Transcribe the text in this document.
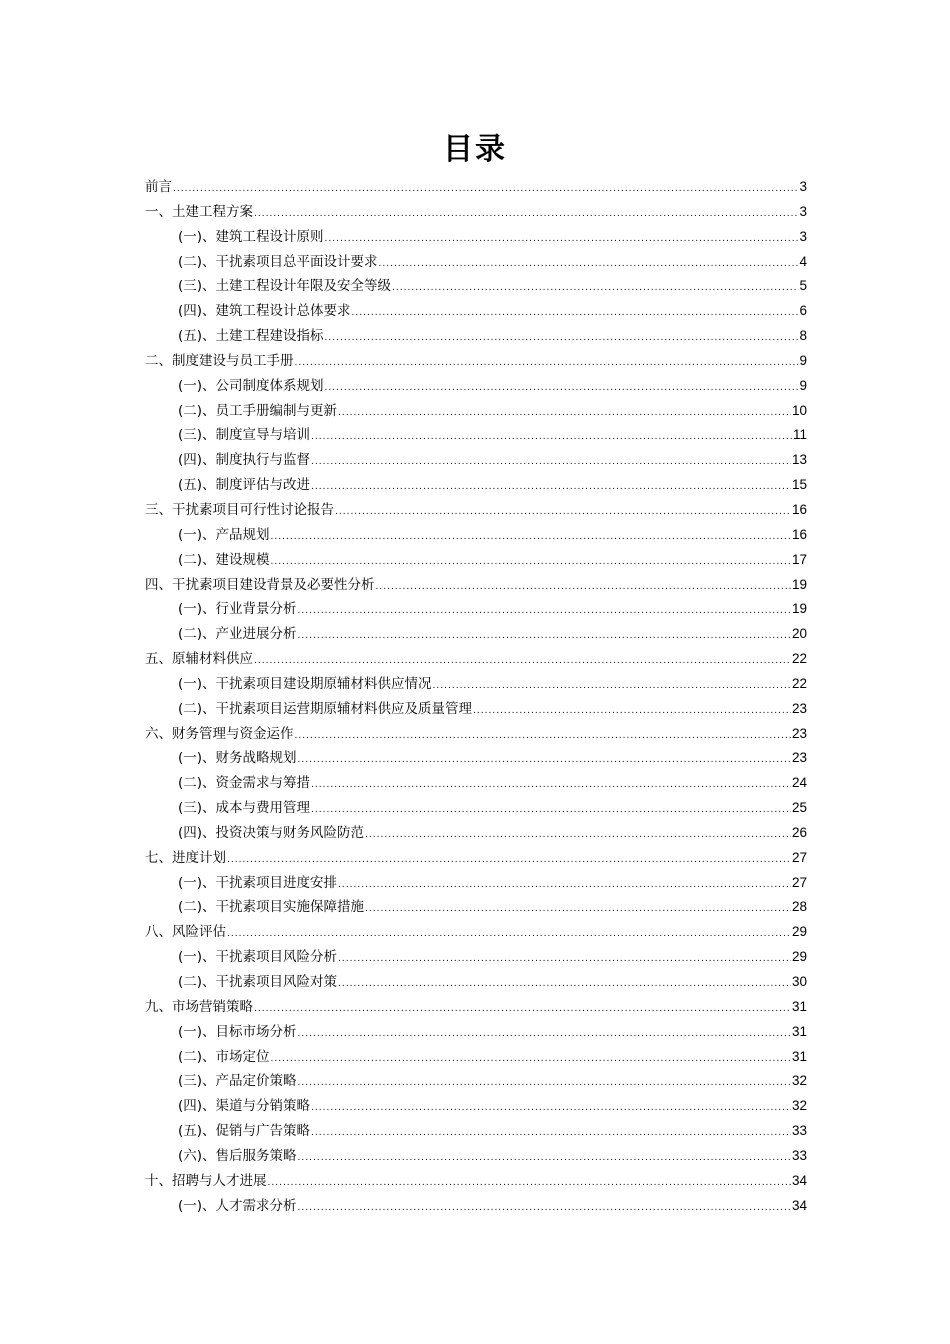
目录
前言 .....	3
一、土建工程方案 .....	3
(一)、建筑工程设计原则 .....	3
(二)、干扰素项目总平面设计要求 .....	4
(三)、土建工程设计年限及安全等级 .....	5
(四)、建筑工程设计总体要求 .....	6
(五)、土建工程建设指标 .....	8
二、制度建设与员工手册 .....	9
(一)、公司制度体系规划 .....	9
(二)、员工手册编制与更新 .....	10
(三)、制度宣导与培训 .....	11
(四)、制度执行与监督 .....	13
(五)、制度评估与改进 .....	15
三、干扰素项目可行性讨论报告 .....	16
(一)、产品规划 .....	16
(二)、建设规模 .....	17
四、干扰素项目建设背景及必要性分析 .....	19
(一)、行业背景分析 .....	19
(二)、产业进展分析 .....	20
五、原辅材料供应 .....	22
(一)、干扰素项目建设期原辅材料供应情况 .....	22
(二)、干扰素项目运营期原辅材料供应及质量管理 .....	23
六、财务管理与资金运作 .....	23
(一)、财务战略规划 .....	23
(二)、资金需求与筹措 .....	24
(三)、成本与费用管理 .....	25
(四)、投资决策与财务风险防范 .....	26
七、进度计划 .....	27
(一)、干扰素项目进度安排 .....	27
(二)、干扰素项目实施保障措施 .....	28
八、风险评估 .....	29
(一)、干扰素项目风险分析 .....	29
(二)、干扰素项目风险对策 .....	30
九、市场营销策略 .....	31
(一)、目标市场分析 .....	31
(二)、市场定位 .....	31
(三)、产品定价策略 .....	32
(四)、渠道与分销策略 .....	32
(五)、促销与广告策略 .....	33
(六)、售后服务策略 .....	33
十、招聘与人才进展 .....	34
(一)、人才需求分析 .....	34
